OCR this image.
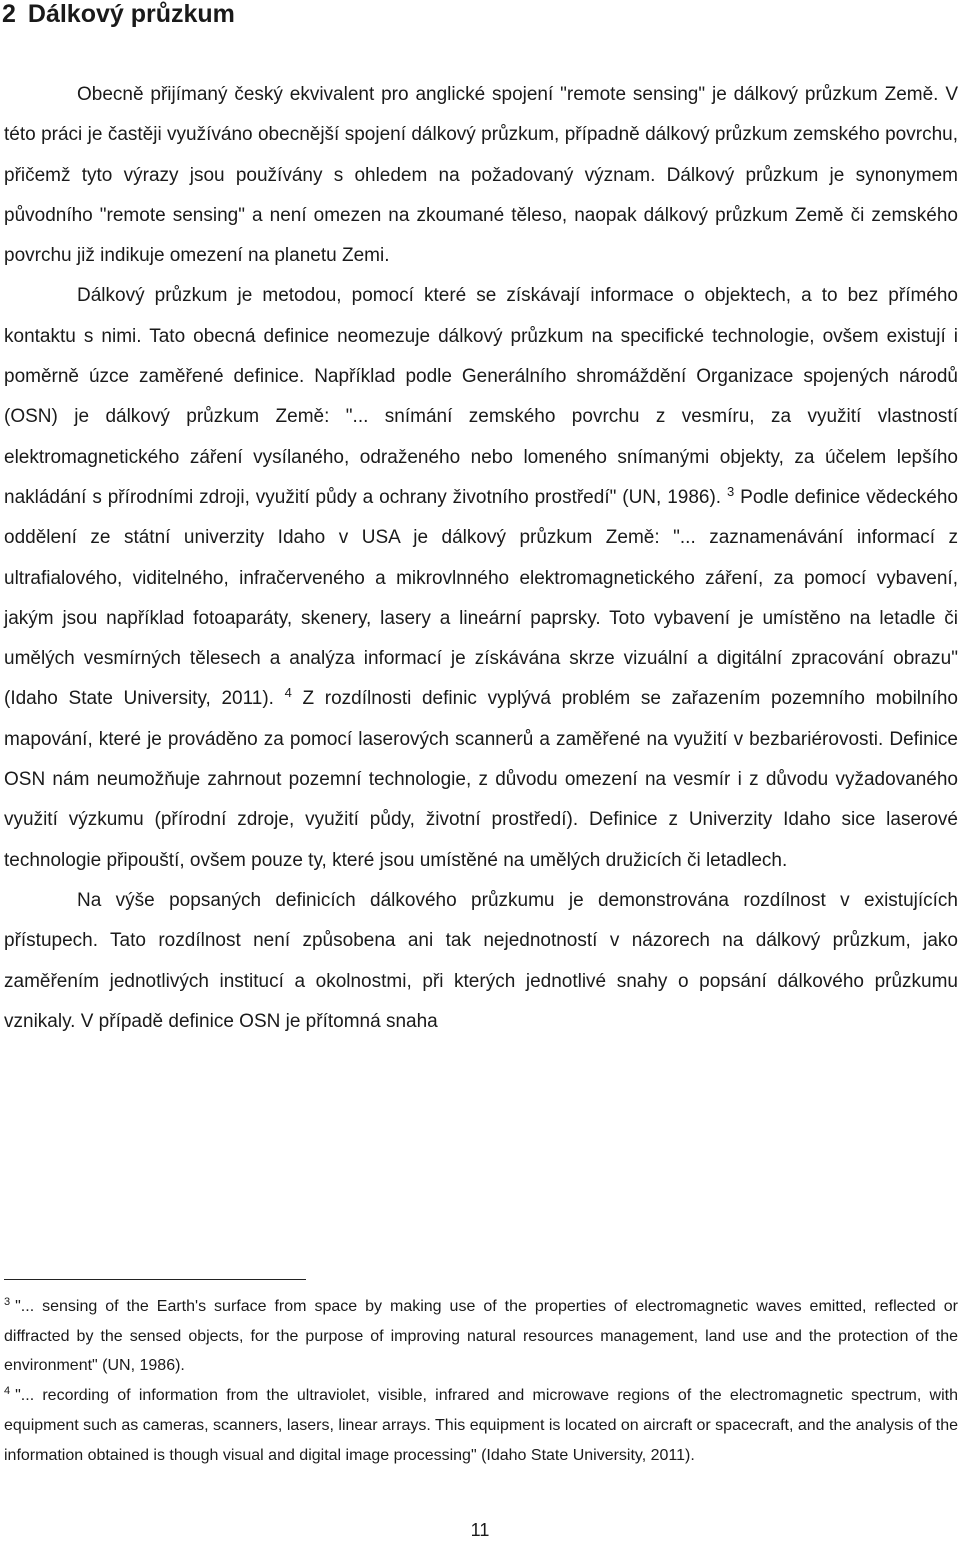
2 Dálkový průzkum

Obecně přijímaný český ekvivalent pro anglické spojení "remote sensing" je dálkový průzkum Země. V této práci je častěji využíváno obecnější spojení dálkový průzkum, případně dálkový průzkum zemského povrchu, přičemž tyto výrazy jsou používány s ohledem na požadovaný význam. Dálkový průzkum je synonymem původního "remote sensing" a není omezen na zkoumané těleso, naopak dálkový průzkum Země či zemského povrchu již indikuje omezení na planetu Zemi.

Dálkový průzkum je metodou, pomocí které se získávají informace o objektech, a to bez přímého kontaktu s nimi. Tato obecná definice neomezuje dálkový průzkum na specifické technologie, ovšem existují i poměrně úzce zaměřené definice. Například podle Generálního shromáždění Organizace spojených národů (OSN) je dálkový průzkum Země: "... snímání zemského povrchu z vesmíru, za využití vlastností elektromagnetického záření vysílaného, odraženého nebo lomeného snímanými objekty, za účelem lepšího nakládání s přírodními zdroji, využití půdy a ochrany životního prostředí" (UN, 1986). $^3$ Podle definice vědeckého oddělení ze státní univerzity Idaho v USA je dálkový průzkum Země: "... zaznamenávání informací z ultrafialového, viditelného, infračerveného a mikrovlnného elektromagnetického záření, za pomocí vybavení, jakým jsou například fotoaparáty, skenery, lasery a lineární paprsky. Toto vybavení je umístěno na letadle či umělých vesmírných tělesech a analýza informací je získávána skrze vizuální a digitální zpracování obrazu" (Idaho State University, 2011). $^4$ Z rozdílnosti definic vyplývá problém se zařazením pozemního mobilního mapování, které je prováděno za pomocí laserových scannerů a zaměřené na využití v bezbariérovosti. Definice OSN nám neumožňuje zahrnout pozemní technologie, z důvodu omezení na vesmír i z důvodu vyžadovaného využití výzkumu (přírodní zdroje, využití půdy, životní prostředí). Definice z Univerzity Idaho sice laserové technologie připouští, ovšem pouze ty, které jsou umístěné na umělých družicích či letadlech.

Na výše popsaných definicích dálkového průzkumu je demonstrována rozdílnost v existujících přístupech. Tato rozdílnost není způsobena ani tak nejednotností v názorech na dálkový průzkum, jako zaměřením jednotlivých institucí a okolnostmi, při kterých jednotlivé snahy o popsání dálkového průzkumu vznikaly. V případě definice OSN je přítomná snaha

$^3$ "... sensing of the Earth's surface from space by making use of the properties of electromagnetic waves emitted, reflected or diffracted by the sensed objects, for the purpose of improving natural resources management, land use and the protection of the environment" (UN, 1986).

$^4$ "... recording of information from the ultraviolet, visible, infrared and microwave regions of the electromagnetic spectrum, with equipment such as cameras, scanners, lasers, linear arrays. This equipment is located on aircraft or spacecraft, and the analysis of the information obtained is though visual and digital image processing" (Idaho State University, 2011).

11
